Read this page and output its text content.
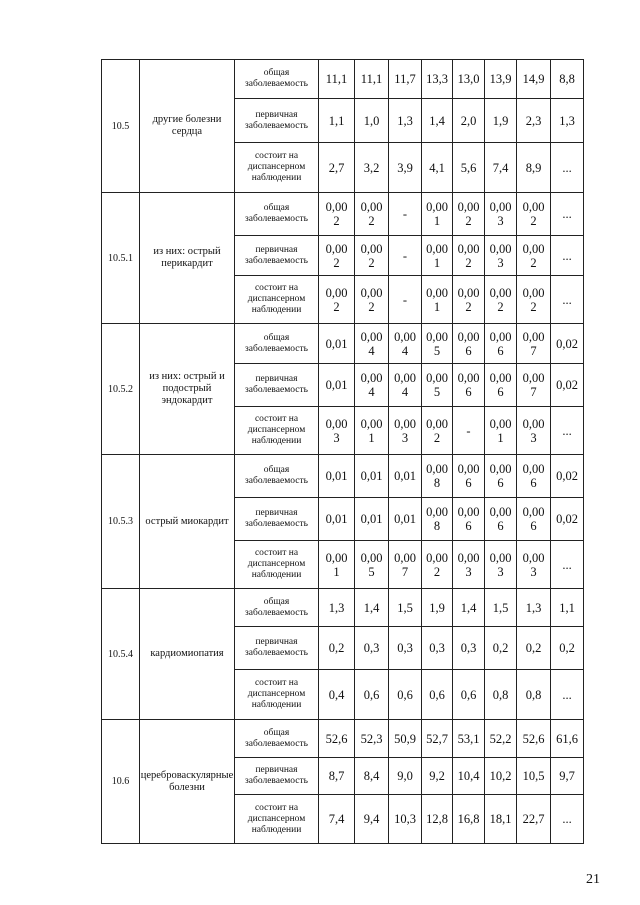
10.5	другие болезни сердца	общая заболеваемость	11,1	11,1	11,7	13,3	13,0	13,9	14,9	8,8
		первичная заболеваемость	1,1	1,0	1,3	1,4	2,0	1,9	2,3	1,3
		состоит на диспансерном наблюдении	2,7	3,2	3,9	4,1	5,6	7,4	8,9	...
10.5.1	из них: острый перикардит	общая заболеваемость	0,002	0,002	-	0,001	0,002	0,003	0,002	...
		первичная заболеваемость	0,002	0,002	-	0,001	0,002	0,003	0,002	...
		состоит на диспансерном наблюдении	0,002	0,002	-	0,001	0,002	0,002	0,002	...
10.5.2	из них: острый и подострый эндокардит	общая заболеваемость	0,01	0,004	0,004	0,005	0,006	0,006	0,007	0,02
		первичная заболеваемость	0,01	0,004	0,004	0,005	0,006	0,006	0,007	0,02
		состоит на диспансерном наблюдении	0,003	0,001	0,003	0,002	-	0,001	0,003	...
10.5.3	острый миокардит	общая заболеваемость	0,01	0,01	0,01	0,008	0,006	0,006	0,006	0,02
		первичная заболеваемость	0,01	0,01	0,01	0,008	0,006	0,006	0,006	0,02
		состоит на диспансерном наблюдении	0,001	0,005	0,007	0,002	0,003	0,003	0,003	...
10.5.4	кардиомиопатия	общая заболеваемость	1,3	1,4	1,5	1,9	1,4	1,5	1,3	1,1
		первичная заболеваемость	0,2	0,3	0,3	0,3	0,3	0,2	0,2	0,2
		состоит на диспансерном наблюдении	0,4	0,6	0,6	0,6	0,6	0,8	0,8	...
10.6	цереброваскулярные болезни	общая заболеваемость	52,6	52,3	50,9	52,7	53,1	52,2	52,6	61,6
		первичная заболеваемость	8,7	8,4	9,0	9,2	10,4	10,2	10,5	9,7
		состоит на диспансерном наблюдении	7,4	9,4	10,3	12,8	16,8	18,1	22,7	...
21
